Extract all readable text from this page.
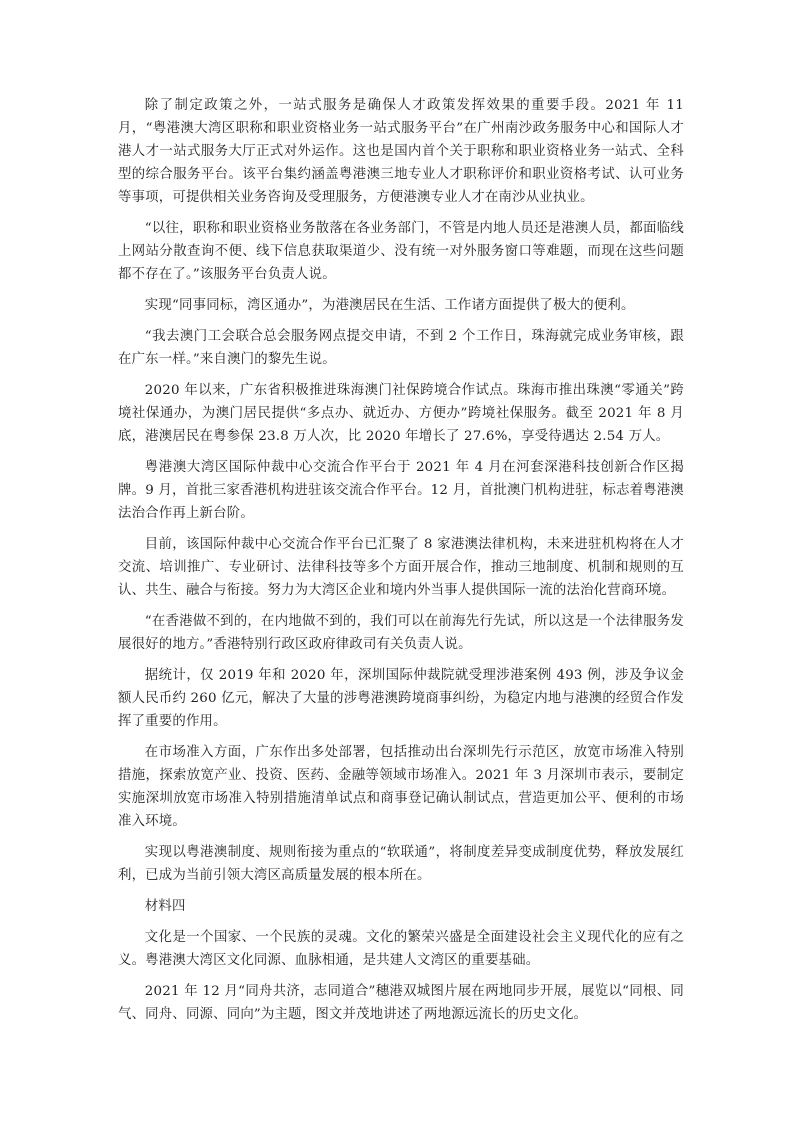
除了制定政策之外，一站式服务是确保人才政策发挥效果的重要手段。2021 年 11 月，“粤港澳大湾区职称和职业资格业务一站式服务平台”在广州南沙政务服务中心和国际人才港人才一站式服务大厅正式对外运作。这也是国内首个关于职称和职业资格业务一站式、全科型的综合服务平台。该平台集约涵盖粤港澳三地专业人才职称评价和职业资格考试、认可业务等事项，可提供相关业务咨询及受理服务，方便港澳专业人才在南沙从业执业。

“以往，职称和职业资格业务散落在各业务部门，不管是内地人员还是港澳人员，都面临线上网站分散查询不便、线下信息获取渠道少、没有统一对外服务窗口等难题，而现在这些问题都不存在了。”该服务平台负责人说。

实现“同事同标，湾区通办”，为港澳居民在生活、工作诸方面提供了极大的便利。

“我去澳门工会联合总会服务网点提交申请，不到 2 个工作日，珠海就完成业务审核，跟在广东一样。”来自澳门的黎先生说。

2020 年以来，广东省积极推进珠海澳门社保跨境合作试点。珠海市推出珠澳“零通关”跨境社保通办，为澳门居民提供“多点办、就近办、方便办”跨境社保服务。截至 2021 年 8 月底，港澳居民在粤参保 23.8 万人次，比 2020 年增长了 27.6%，享受待遇达 2.54 万人。

粤港澳大湾区国际仲裁中心交流合作平台于 2021 年 4 月在河套深港科技创新合作区揭牌。9 月，首批三家香港机构进驻该交流合作平台。12 月，首批澳门机构进驻，标志着粤港澳法治合作再上新台阶。

目前，该国际仲裁中心交流合作平台已汇聚了 8 家港澳法律机构，未来进驻机构将在人才交流、培训推广、专业研讨、法律科技等多个方面开展合作，推动三地制度、机制和规则的互认、共生、融合与衔接。努力为大湾区企业和境内外当事人提供国际一流的法治化营商环境。

“在香港做不到的，在内地做不到的，我们可以在前海先行先试，所以这是一个法律服务发展很好的地方。”香港特别行政区政府律政司有关负责人说。

据统计，仅 2019 年和 2020 年，深圳国际仲裁院就受理涉港案例 493 例，涉及争议金额人民币约 260 亿元，解决了大量的涉粤港澳跨境商事纠纷，为稳定内地与港澳的经贸合作发挥了重要的作用。

在市场准入方面，广东作出多处部署，包括推动出台深圳先行示范区，放宽市场准入特别措施，探索放宽产业、投资、医药、金融等领域市场准入。2021 年 3 月深圳市表示，要制定实施深圳放宽市场准入特别措施清单试点和商事登记确认制试点，营造更加公平、便利的市场准入环境。

实现以粤港澳制度、规则衔接为重点的“软联通”，将制度差异变成制度优势，释放发展红利，已成为当前引领大湾区高质量发展的根本所在。

材料四

文化是一个国家、一个民族的灵魂。文化的繁荣兴盛是全面建设社会主义现代化的应有之义。粤港澳大湾区文化同源、血脉相通，是共建人文湾区的重要基础。

2021 年 12 月“同舟共济，志同道合”穗港双城图片展在两地同步开展，展览以“同根、同气、同舟、同源、同向”为主题，图文并茂地讲述了两地源远流长的历史文化。
